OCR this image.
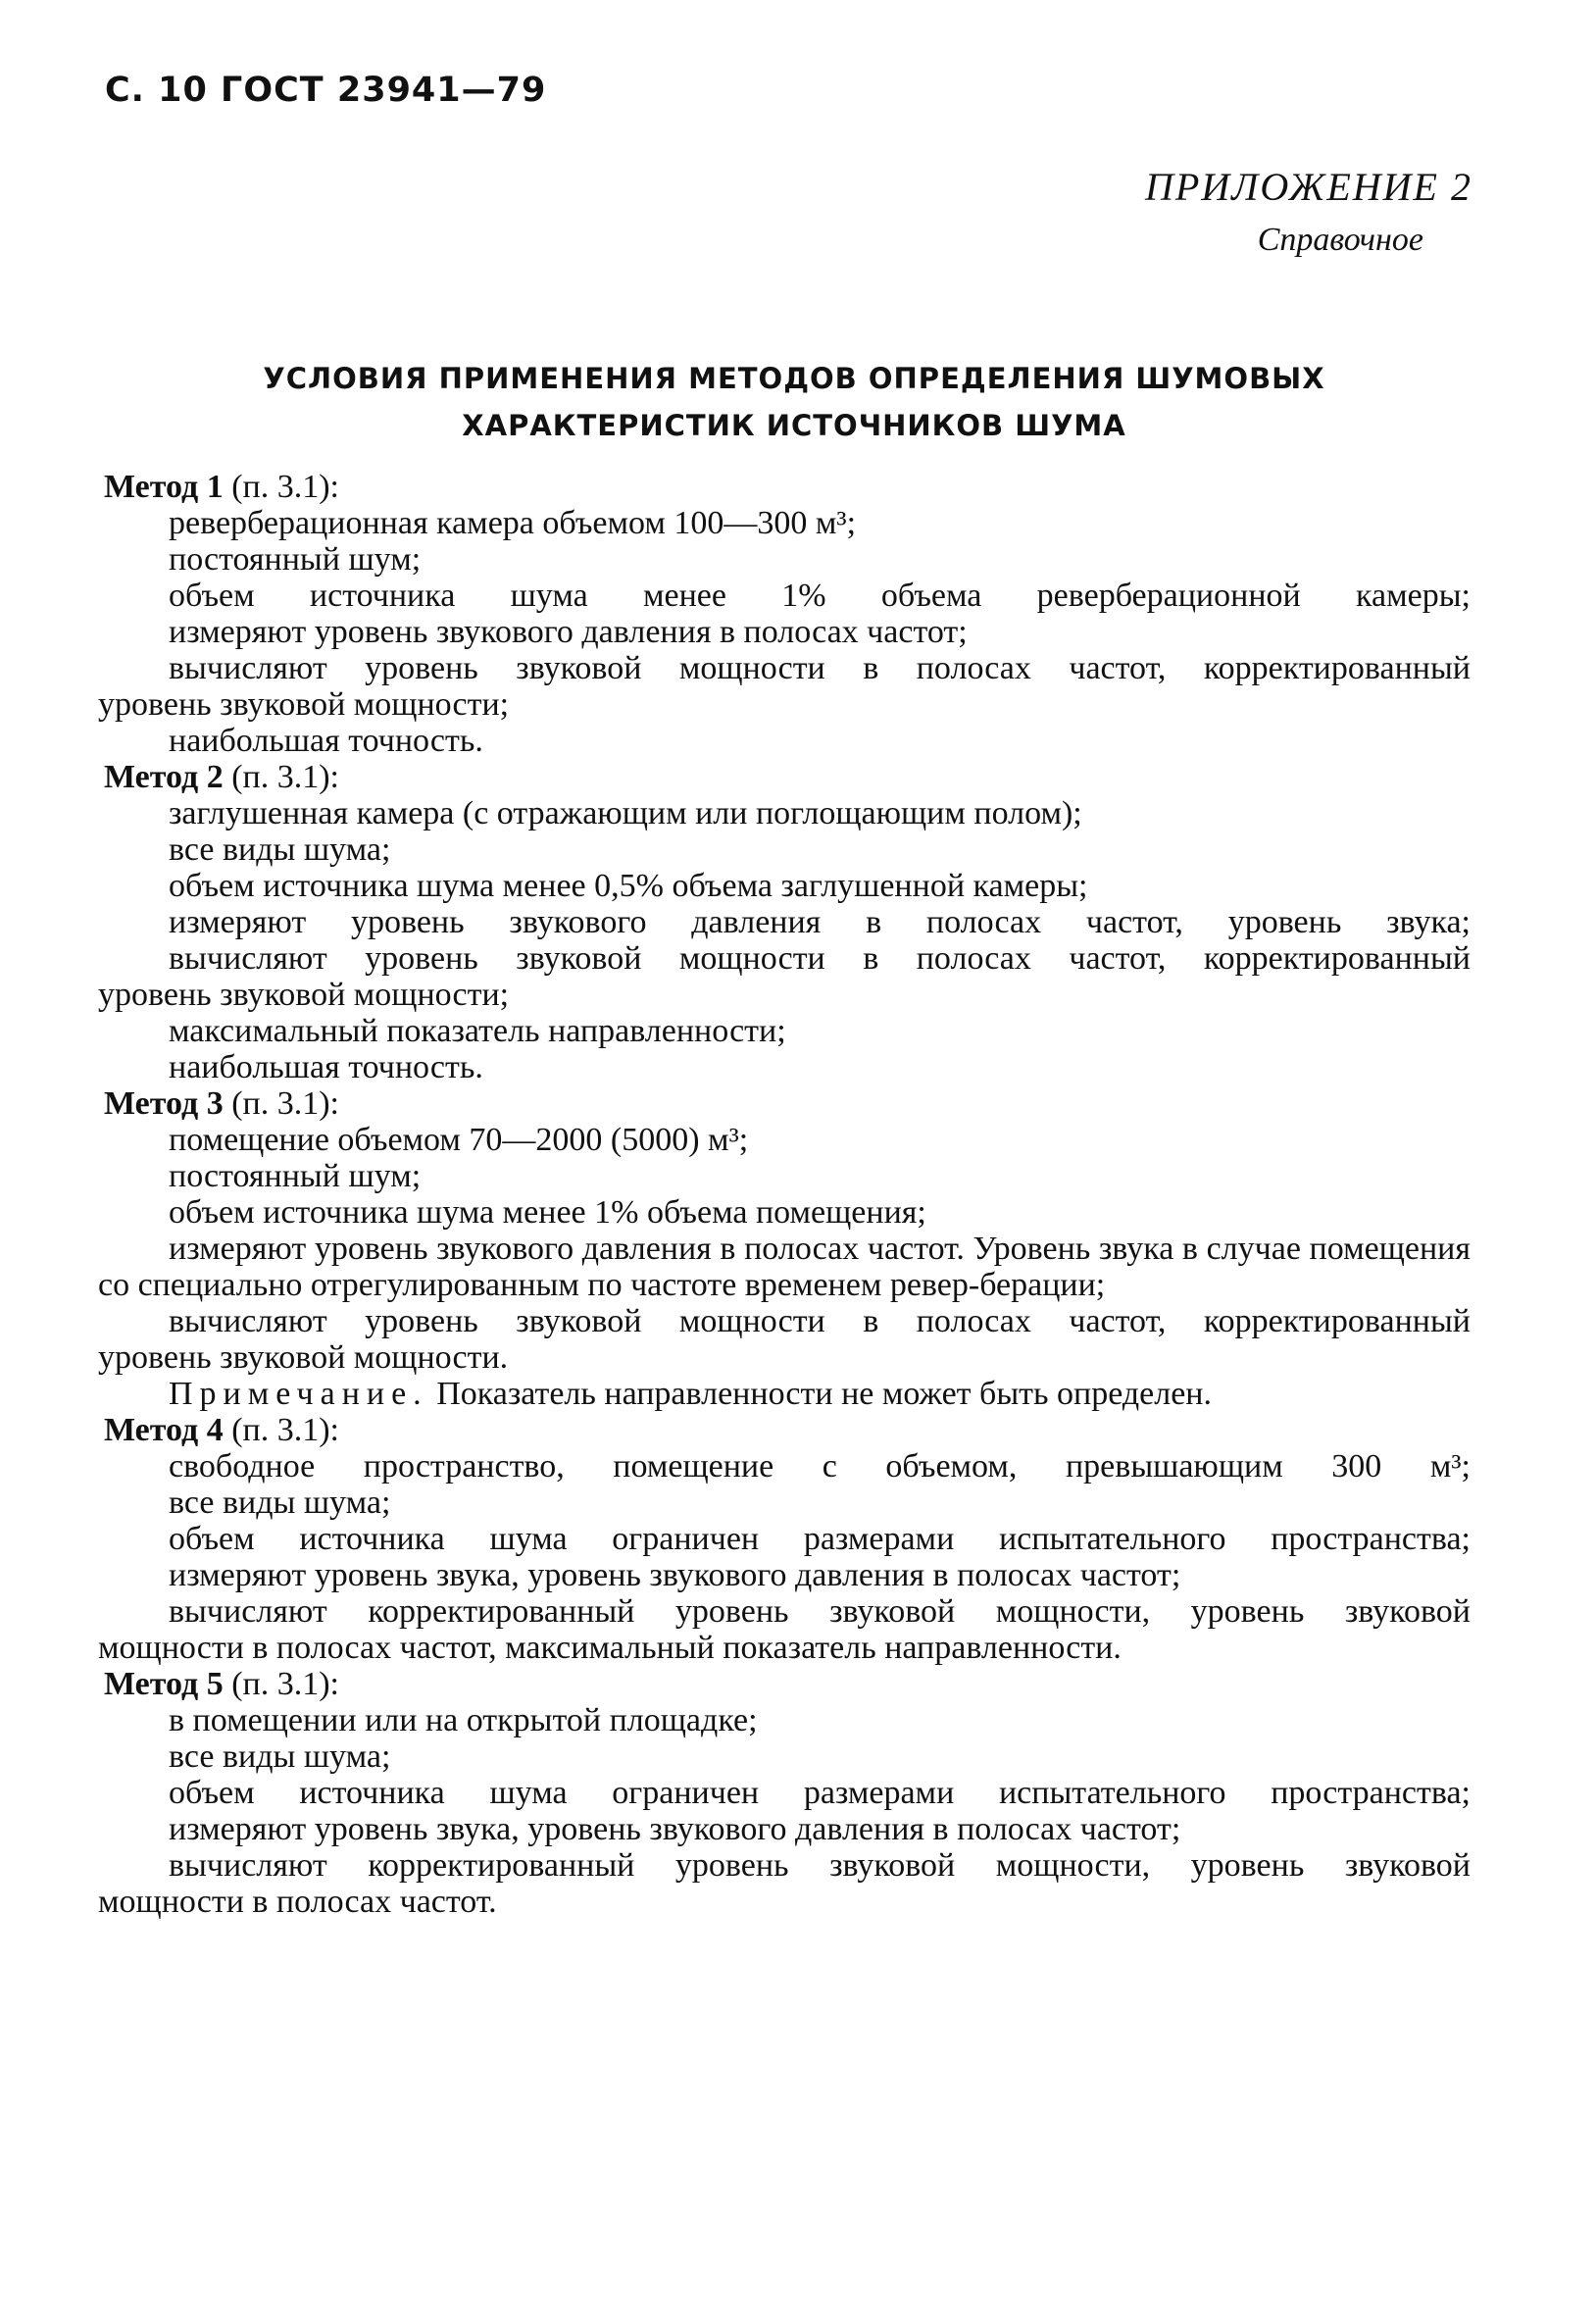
С. 10 ГОСТ 23941—79
ПРИЛОЖЕНИЕ 2
Справочное
УСЛОВИЯ ПРИМЕНЕНИЯ МЕТОДОВ ОПРЕДЕЛЕНИЯ ШУМОВЫХ
ХАРАКТЕРИСТИК ИСТОЧНИКОВ ШУМА
Метод 1 (п. 3.1):
реверберационная камера объемом 100—300 м³;
постоянный шум;
объем источника шума менее 1% объема реверберационной камеры;
измеряют уровень звукового давления в полосах частот;
вычисляют уровень звуковой мощности в полосах частот, корректированный
уровень звуковой мощности;
наибольшая точность.
Метод 2 (п. 3.1):
заглушенная камера (с отражающим или поглощающим полом);
все виды шума;
объем источника шума менее 0,5% объема заглушенной камеры;
измеряют уровень звукового давления в полосах частот, уровень звука;
вычисляют уровень звуковой мощности в полосах частот, корректированный
уровень звуковой мощности;
максимальный показатель направленности;
наибольшая точность.
Метод 3 (п. 3.1):
помещение объемом 70—2000 (5000) м³;
постоянный шум;
объем источника шума менее 1% объема помещения;
измеряют уровень звукового давления в полосах частот. Уровень звука в случае помещения со специально отрегулированным по частоте временем ревер-берации;
вычисляют уровень звуковой мощности в полосах частот, корректированный
уровень звуковой мощности.
Примечание. Показатель направленности не может быть определен.
Метод 4 (п. 3.1):
свободное пространство, помещение с объемом, превышающим 300 м³;
все виды шума;
объем источника шума ограничен размерами испытательного пространства;
измеряют уровень звука, уровень звукового давления в полосах частот;
вычисляют корректированный уровень звуковой мощности, уровень звуковой
мощности в полосах частот, максимальный показатель направленности.
Метод 5 (п. 3.1):
в помещении или на открытой площадке;
все виды шума;
объем источника шума ограничен размерами испытательного пространства;
измеряют уровень звука, уровень звукового давления в полосах частот;
вычисляют корректированный уровень звуковой мощности, уровень звуковой
мощности в полосах частот.
